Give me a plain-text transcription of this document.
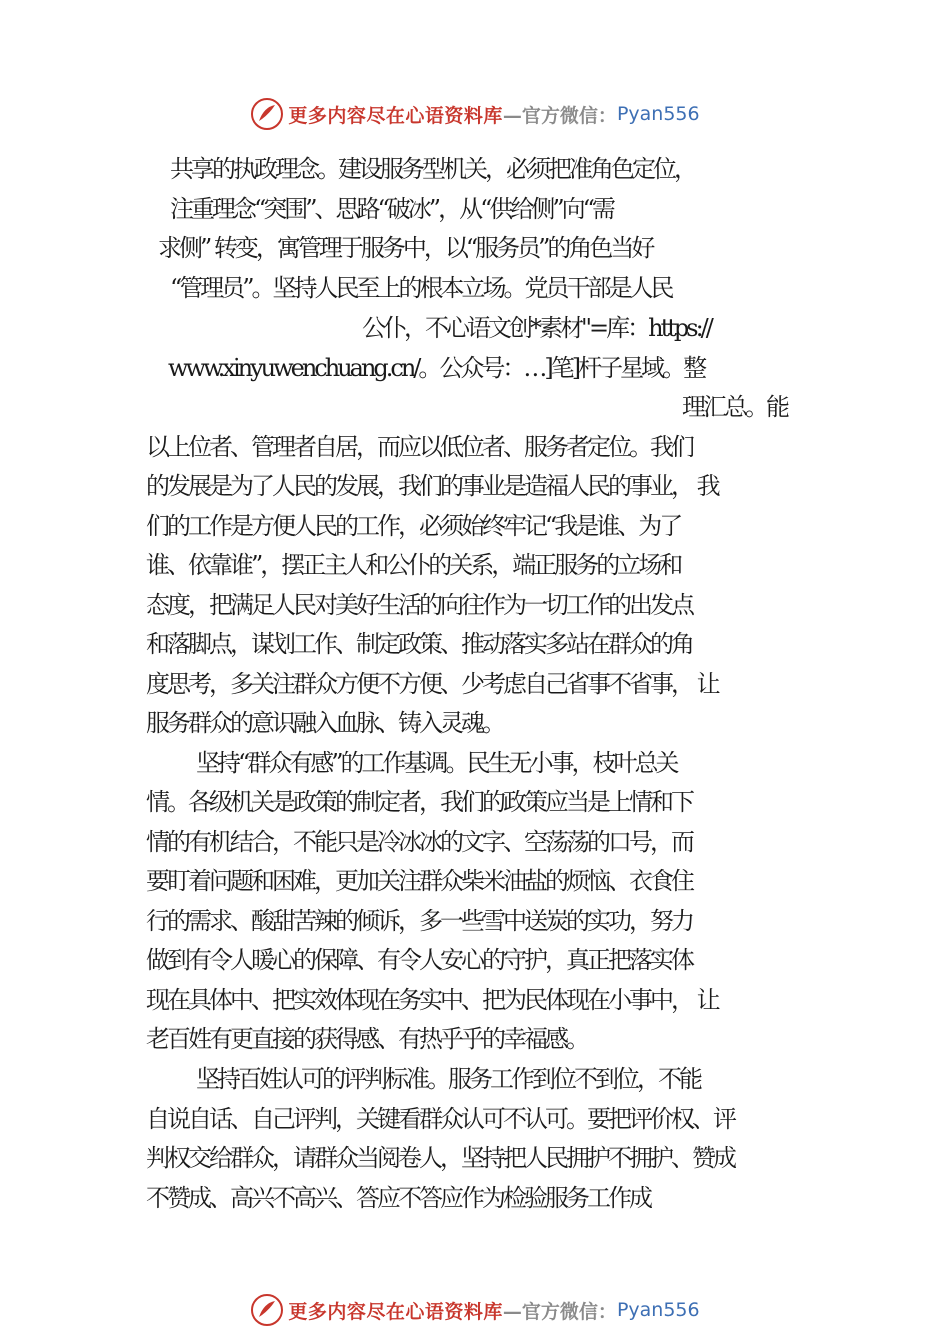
更多内容尽在心语资料库 —官方微信： Pyan556
共享的执政理念。建设服务型机关，必须把准角色定位，
注重理念“突围”、思路“破冰”，从“供给侧”向“需
求侧” 转变，寓管理于服务中，以“服务员”的角色当好
“管理员”。坚持人民至上的根本立场。党员干部是人民
公仆，不心语文创*素材"=库：https://
www.xinyuwenchuang.cn/。公众号：…]笔]杆子星域。整
理汇总。能
以上位者、管理者自居，而应以低位者、服务者定位。我们
的发展是为了人民的发展，我们的事业是造福人民的事业， 我
们的工作是方便人民的工作，必须始终牢记“我是谁、为了
谁、依靠谁”，摆正主人和公仆的关系，端正服务的立场和
态度，把满足人民对美好生活的向往作为一切工作的出发点
和落脚点，谋划工作、制定政策、推动落实多站在群众的角
度思考，多关注群众方便不方便、少考虑自己省事不省事， 让
服务群众的意识融入血脉、铸入灵魂。
坚持“群众有感”的工作基调。民生无小事，枝叶总关
情。各级机关是政策的制定者，我们的政策应当是上情和下
情的有机结合，不能只是冷冰冰的文字、空荡荡的口号，而
要盯着问题和困难，更加关注群众柴米油盐的烦恼、衣食住
行的需求、酸甜苦辣的倾诉，多一些雪中送炭的实功，努力
做到有令人暖心的保障、有令人安心的守护，真正把落实体
现在具体中、把实效体现在务实中、把为民体现在小事中， 让
老百姓有更直接的获得感、有热乎乎的幸福感。
坚持百姓认可的评判标准。服务工作到位不到位，不能
自说自话、自己评判，关键看群众认可不认可。要把评价权、评
判权交给群众，请群众当阅卷人，坚持把人民拥护不拥护、赞成
不赞成、高兴不高兴、答应不答应作为检验服务工作成
更多内容尽在心语资料库 —官方微信： Pyan556
